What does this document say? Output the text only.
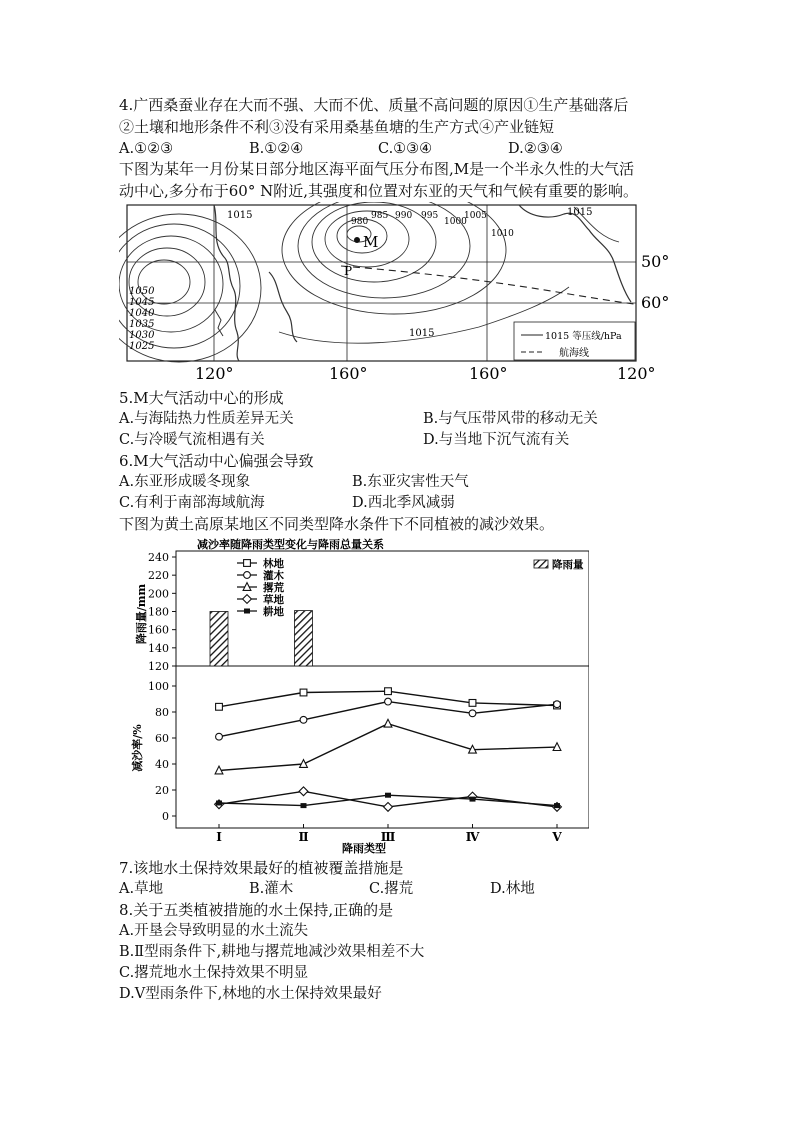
4.广西桑蚕业存在大而不强、大而不优、质量不高问题的原因①生产基础落后
②土壤和地形条件不利③没有采用桑基鱼塘的生产方式④产业链短
A.①②③	B.①②④	C.①③④	D.②③④
下图为某年一月份某日部分地区海平面气压分布图,M是一个半永久性的大气活
动中心,多分布于60° N附近,其强度和位置对东亚的天气和气候有重要的影响。
1015
1050
1045
1040
1035
1030
1025
980
985 990 995
1000
1005
1010
1015
1015
M
P
1015 等压线/hPa
航海线
50°
60°
120°	160°	160°	120°
5.M大气活动中心的形成
A.与海陆热力性质差异无关	B.与气压带风带的移动无关
C.与冷暖气流相遇有关	D.与当地下沉气流有关
6.M大气活动中心偏强会导致
A.东亚形成暖冬现象	B.东亚灾害性天气
C.有利于南部海域航海	D.西北季风减弱
下图为黄土高原某地区不同类型降水条件下不同植被的减沙效果。
减沙率随降雨类型变化与降雨总量关系
240
220
200
180
160
140
120
100
80
60
40
20
0
Ⅰ	Ⅱ	Ⅲ	Ⅳ	Ⅴ
降雨量/mm
减沙率/%
降雨类型
林地
灌木
撂荒
草地
耕地
降雨量
7.该地水土保持效果最好的植被覆盖措施是
A.草地	B.灌木	C.撂荒	D.林地
8.关于五类植被措施的水土保持,正确的是
A.开垦会导致明显的水土流失
B.Ⅱ型雨条件下,耕地与撂荒地减沙效果相差不大
C.撂荒地水土保持效果不明显
D.Ⅴ型雨条件下,林地的水土保持效果最好
